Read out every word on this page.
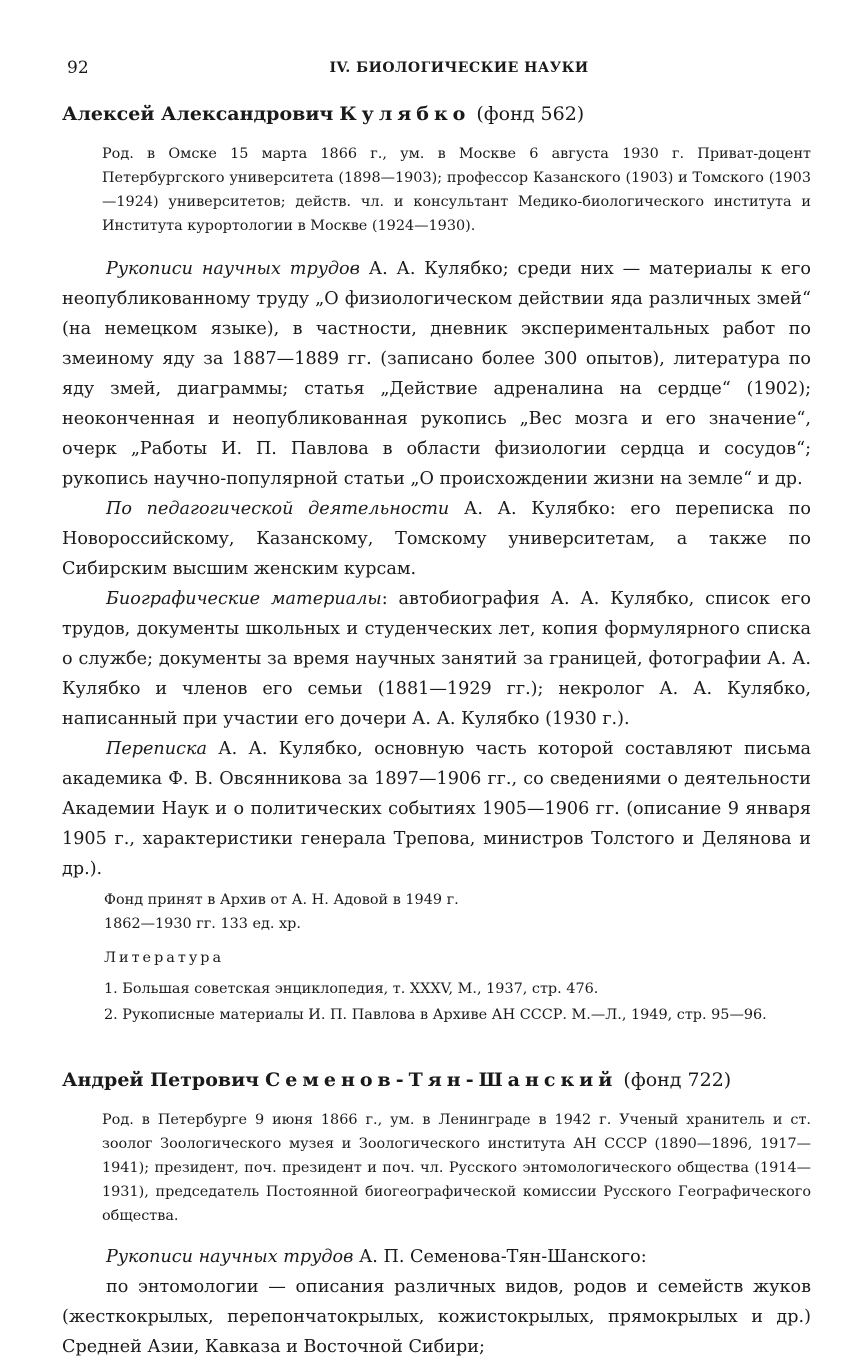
92	IV. БИОЛОГИЧЕСКИЕ НАУКИ
Алексей Александрович Кулябко (фонд 562)

Род. в Омске 15 марта 1866 г., ум. в Москве 6 августа 1930 г. Приват-доцент Петербургского университета (1898—1903); профессор Казанского (1903) и Томского (1903—1924) университетов; действ. чл. и консультант Медико-биологического института и Института курортологии в Москве (1924—1930).

Рукописи научных трудов А. А. Кулябко; среди них — материалы к его неопубликованному труду „О физиологическом действии яда различных змей“ (на немецком языке), в частности, дневник экспериментальных работ по змеиному яду за 1887—1889 гг. (записано более 300 опытов), литература по яду змей, диаграммы; статья „Действие адреналина на сердце“ (1902); неоконченная и неопубликованная рукопись „Вес мозга и его значение“, очерк „Работы И. П. Павлова в области физиологии сердца и сосудов“; рукопись научно-популярной статьи „О происхождении жизни на земле“ и др.

По педагогической деятельности А. А. Кулябко: его переписка по Новороссийскому, Казанскому, Томскому университетам, а также по Сибирским высшим женским курсам.

Биографические материалы: автобиография А. А. Кулябко, список его трудов, документы школьных и студенческих лет, копия формулярного списка о службе; документы за время научных занятий за границей, фотографии А. А. Кулябко и членов его семьи (1881—1929 гг.); некролог А. А. Кулябко, написанный при участии его дочери А. А. Кулябко (1930 г.).

Переписка А. А. Кулябко, основную часть которой составляют письма академика Ф. В. Овсянникова за 1897—1906 гг., со сведениями о деятельности Академии Наук и о политических событиях 1905—1906 гг. (описание 9 января 1905 г., характеристики генерала Трепова, министров Толстого и Делянова и др.).

Фонд принят в Архив от А. Н. Адовой в 1949 г.
1862—1930 гг. 133 ед. хр.
Литература
1. Большая советская энциклопедия, т. XXXV, М., 1937, стр. 476.
2. Рукописные материалы И. П. Павлова в Архиве АН СССР. М.—Л., 1949, стр. 95—96.
Андрей Петрович Семенов-Тян-Шанский (фонд 722)

Род. в Петербурге 9 июня 1866 г., ум. в Ленинграде в 1942 г. Ученый хранитель и ст. зоолог Зоологического музея и Зоологического института АН СССР (1890—1896, 1917—1941); президент, поч. президент и поч. чл. Русского энтомологического общества (1914—1931), председатель Постоянной биогеографической комиссии Русского Географического общества.

Рукописи научных трудов А. П. Семенова-Тян-Шанского:

по энтомологии — описания различных видов, родов и семейств жуков (жесткокрылых, перепончатокрылых, кожистокрылых, прямокрылых и др.) Средней Азии, Кавказа и Восточной Сибири;
